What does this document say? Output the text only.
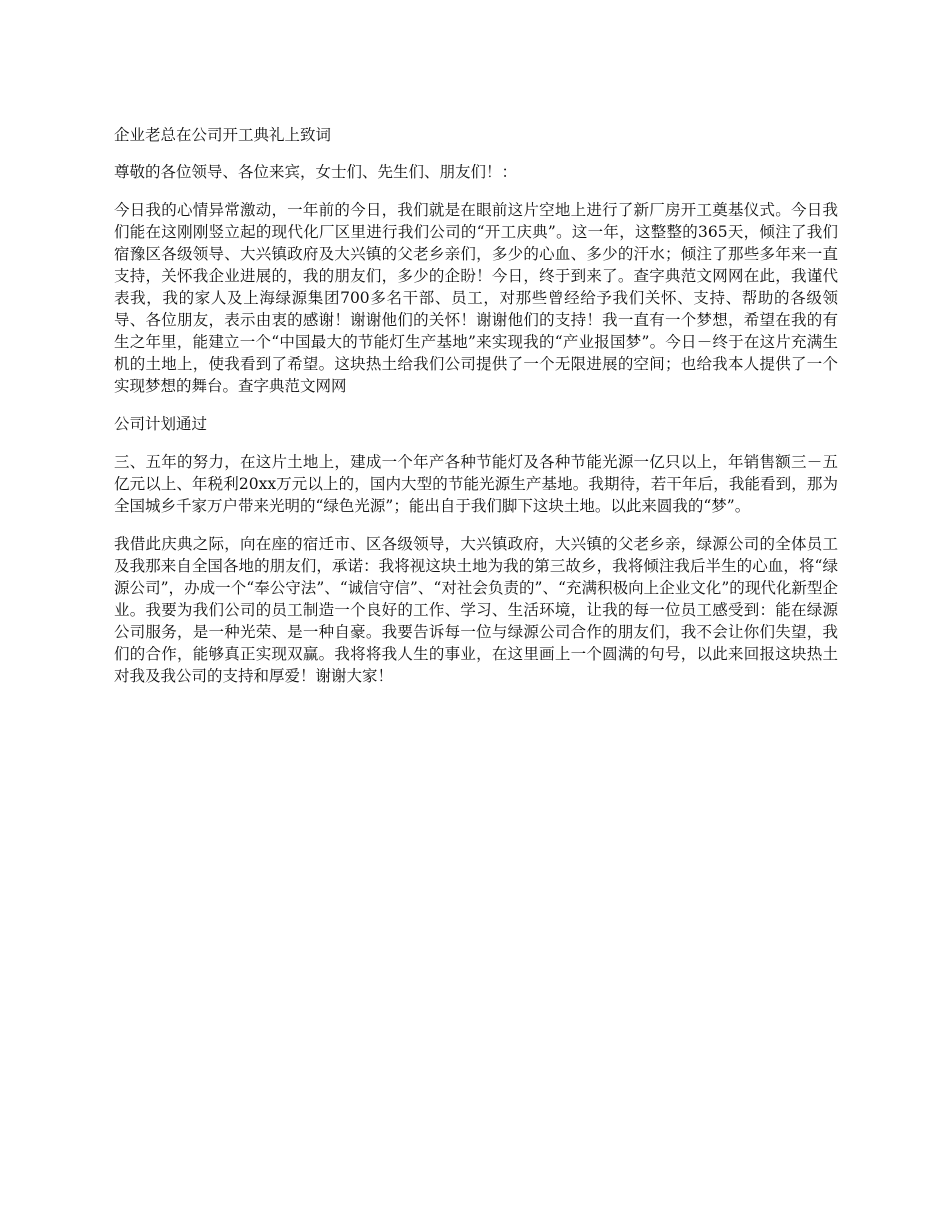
企业老总在公司开工典礼上致词

尊敬的各位领导、各位来宾，女士们、先生们、朋友们！：

今日我的心情异常激动，一年前的今日，我们就是在眼前这片空地上进行了新厂房开工奠基仪式。今日我们能在这刚刚竖立起的现代化厂区里进行我们公司的“开工庆典”。这一年，这整整的365天，倾注了我们宿豫区各级领导、大兴镇政府及大兴镇的父老乡亲们，多少的心血、多少的汗水；倾注了那些多年来一直支持，关怀我企业进展的，我的朋友们，多少的企盼！今日，终于到来了。查字典范文网网在此，我谨代表我，我的家人及上海绿源集团700多名干部、员工，对那些曾经给予我们关怀、支持、帮助的各级领导、各位朋友，表示由衷的感谢！谢谢他们的关怀！谢谢他们的支持！我一直有一个梦想，希望在我的有生之年里，能建立一个“中国最大的节能灯生产基地”来实现我的“产业报国梦”。今日－终于在这片充满生机的土地上，使我看到了希望。这块热土给我们公司提供了一个无限进展的空间；也给我本人提供了一个实现梦想的舞台。查字典范文网网

公司计划通过

三、五年的努力，在这片土地上，建成一个年产各种节能灯及各种节能光源一亿只以上，年销售额三－五亿元以上、年税利20xx万元以上的，国内大型的节能光源生产基地。我期待，若干年后，我能看到，那为全国城乡千家万户带来光明的“绿色光源”；能出自于我们脚下这块土地。以此来圆我的“梦”。

我借此庆典之际，向在座的宿迁市、区各级领导，大兴镇政府，大兴镇的父老乡亲，绿源公司的全体员工及我那来自全国各地的朋友们，承诺：我将视这块土地为我的第三故乡，我将倾注我后半生的心血，将“绿源公司”，办成一个“奉公守法”、“诚信守信”、“对社会负责的”、“充满积极向上企业文化”的现代化新型企业。我要为我们公司的员工制造一个良好的工作、学习、生活环境，让我的每一位员工感受到：能在绿源公司服务，是一种光荣、是一种自豪。我要告诉每一位与绿源公司合作的朋友们，我不会让你们失望，我们的合作，能够真正实现双赢。我将将我人生的事业，在这里画上一个圆满的句号，以此来回报这块热土对我及我公司的支持和厚爱！谢谢大家！
